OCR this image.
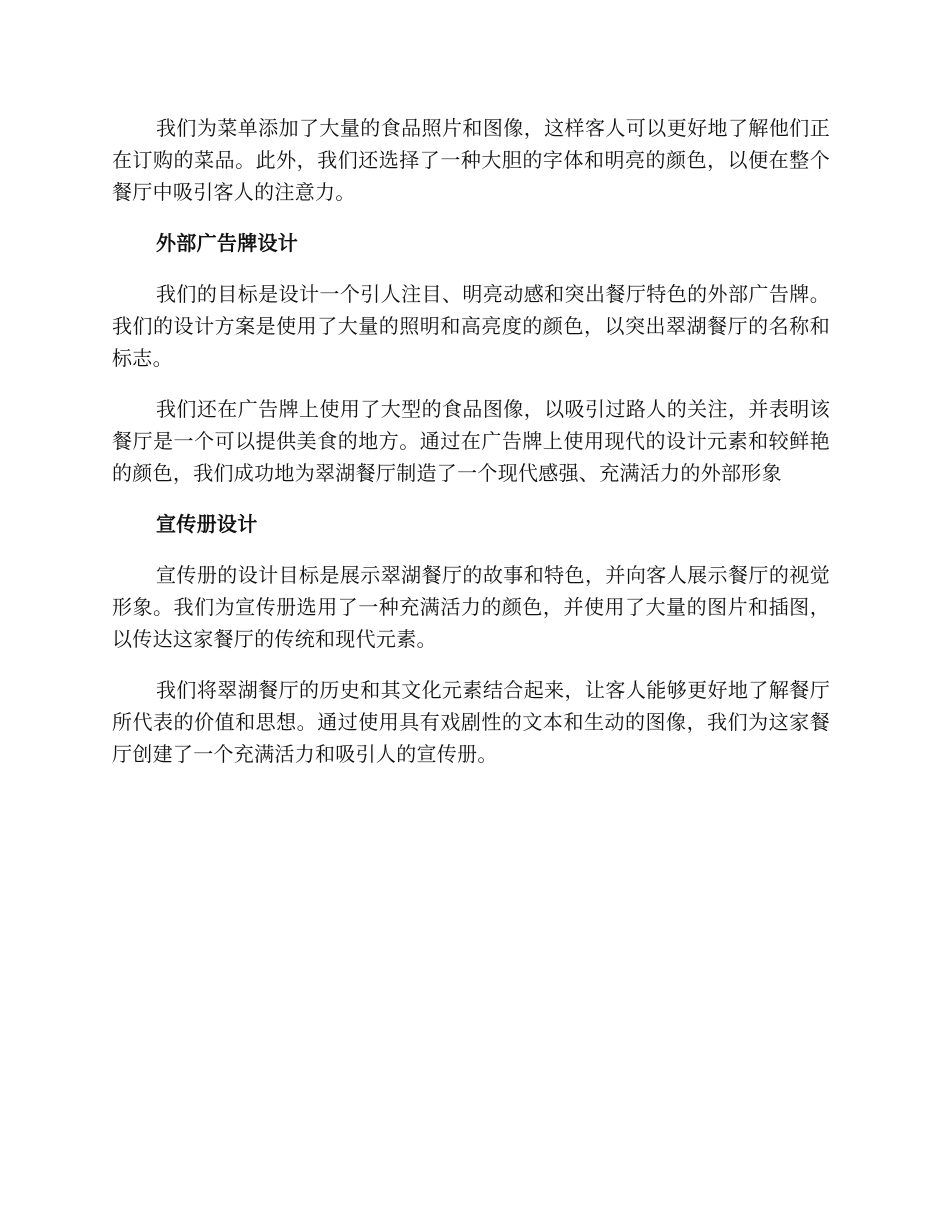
我们为菜单添加了大量的食品照片和图像，这样客人可以更好地了解他们正在订购的菜品。此外，我们还选择了一种大胆的字体和明亮的颜色，以便在整个餐厅中吸引客人的注意力。

外部广告牌设计

我们的目标是设计一个引人注目、明亮动感和突出餐厅特色的外部广告牌。我们的设计方案是使用了大量的照明和高亮度的颜色，以突出翠湖餐厅的名称和标志。

我们还在广告牌上使用了大型的食品图像，以吸引过路人的关注，并表明该餐厅是一个可以提供美食的地方。通过在广告牌上使用现代的设计元素和较鲜艳的颜色，我们成功地为翠湖餐厅制造了一个现代感强、充满活力的外部形象

宣传册设计

宣传册的设计目标是展示翠湖餐厅的故事和特色，并向客人展示餐厅的视觉形象。我们为宣传册选用了一种充满活力的颜色，并使用了大量的图片和插图，以传达这家餐厅的传统和现代元素。

我们将翠湖餐厅的历史和其文化元素结合起来，让客人能够更好地了解餐厅所代表的价值和思想。通过使用具有戏剧性的文本和生动的图像，我们为这家餐厅创建了一个充满活力和吸引人的宣传册。
